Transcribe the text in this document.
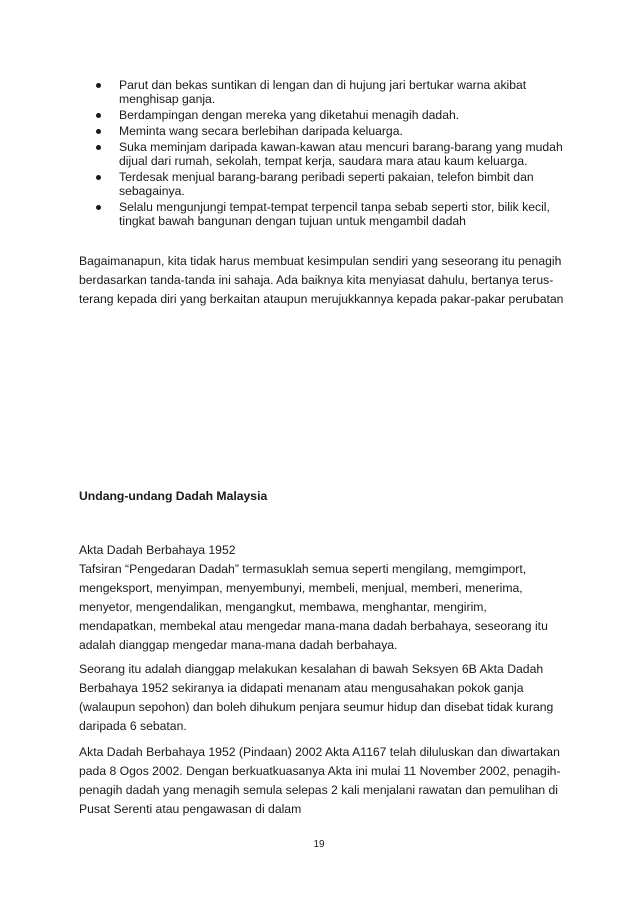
Parut dan bekas suntikan di lengan dan di hujung jari bertukar warna akibat menghisap ganja.
Berdampingan dengan mereka yang diketahui menagih dadah.
Meminta wang secara berlebihan daripada keluarga.
Suka meminjam daripada kawan-kawan atau mencuri barang-barang yang mudah dijual dari rumah, sekolah, tempat kerja, saudara mara atau kaum keluarga.
Terdesak menjual barang-barang peribadi seperti pakaian, telefon bimbit dan sebagainya.
Selalu mengunjungi tempat-tempat terpencil tanpa sebab seperti stor, bilik kecil, tingkat bawah bangunan dengan tujuan untuk mengambil dadah

Bagaimanapun, kita tidak harus membuat kesimpulan sendiri yang seseorang itu penagih berdasarkan tanda-tanda ini sahaja. Ada baiknya kita menyiasat dahulu, bertanya terus-terang kepada diri yang berkaitan ataupun merujukkannya kepada pakar-pakar perubatan

Undang-undang Dadah Malaysia

Akta Dadah Berbahaya 1952
Tafsiran “Pengedaran Dadah” termasuklah semua seperti mengilang, memgimport, mengeksport, menyimpan, menyembunyi, membeli, menjual, memberi, menerima, menyetor, mengendalikan, mengangkut, membawa, menghantar, mengirim, mendapatkan, membekal atau mengedar mana-mana dadah berbahaya, seseorang itu adalah dianggap mengedar mana-mana dadah berbahaya.

Seorang itu adalah dianggap melakukan kesalahan di bawah Seksyen 6B Akta Dadah Berbahaya 1952 sekiranya ia didapati menanam atau mengusahakan pokok ganja (walaupun sepohon) dan boleh dihukum penjara seumur hidup dan disebat tidak kurang daripada 6 sebatan.

Akta Dadah Berbahaya 1952 (Pindaan) 2002 Akta A1167 telah diluluskan dan diwartakan pada 8 Ogos 2002. Dengan berkuatkuasanya Akta ini mulai 11 November 2002, penagih-penagih dadah yang menagih semula selepas 2 kali menjalani rawatan dan pemulihan di Pusat Serenti atau pengawasan di dalam

19
